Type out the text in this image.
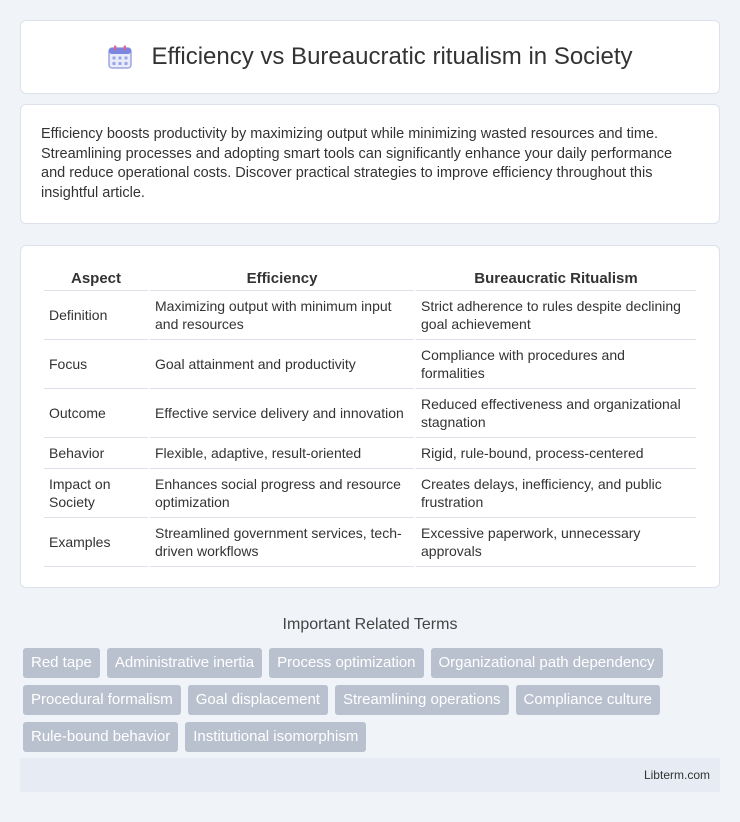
Efficiency vs Bureaucratic ritualism in Society

Efficiency boosts productivity by maximizing output while minimizing wasted resources and time. Streamlining processes and adopting smart tools can significantly enhance your daily performance and reduce operational costs. Discover practical strategies to improve efficiency throughout this insightful article.

Aspect	Efficiency	Bureaucratic Ritualism
Definition	Maximizing output with minimum input and resources	Strict adherence to rules despite declining goal achievement
Focus	Goal attainment and productivity	Compliance with procedures and formalities
Outcome	Effective service delivery and innovation	Reduced effectiveness and organizational stagnation
Behavior	Flexible, adaptive, result-oriented	Rigid, rule-bound, process-centered
Impact on Society	Enhances social progress and resource optimization	Creates delays, inefficiency, and public frustration
Examples	Streamlined government services, tech-driven workflows	Excessive paperwork, unnecessary approvals
Important Related Terms
Red tape	Administrative inertia	Process optimization	Organizational path dependency
Procedural formalism	Goal displacement	Streamlining operations	Compliance culture
Rule-bound behavior	Institutional isomorphism
Libterm.com
